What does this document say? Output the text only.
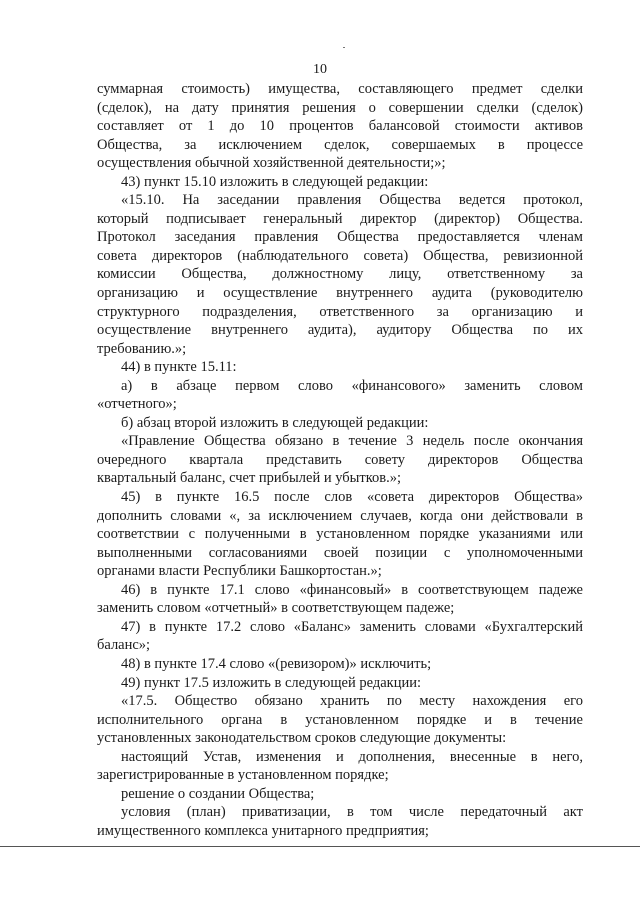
10
суммарная стоимость) имущества, составляющего предмет сделки
(сделок), на дату принятия решения о совершении сделки (сделок)
составляет от 1 до 10 процентов балансовой стоимости активов
Общества, за исключением сделок, совершаемых в процессе
осуществления обычной хозяйственной деятельности;»;
43) пункт 15.10 изложить в следующей редакции:
«15.10. На заседании правления Общества ведется протокол,
который подписывает генеральный директор (директор) Общества.
Протокол заседания правления Общества предоставляется членам
совета директоров (наблюдательного совета) Общества, ревизионной
комиссии Общества, должностному лицу, ответственному за
организацию и осуществление внутреннего аудита (руководителю
структурного подразделения, ответственного за организацию и
осуществление внутреннего аудита), аудитору Общества по их
требованию.»;
44) в пункте 15.11:
а) в абзаце первом слово «финансового» заменить словом
«отчетного»;
б) абзац второй изложить в следующей редакции:
«Правление Общества обязано в течение 3 недель после окончания
очередного квартала представить совету директоров Общества
квартальный баланс, счет прибылей и убытков.»;
45) в пункте 16.5 после слов «совета директоров Общества»
дополнить словами «, за исключением случаев, когда они действовали в
соответствии с полученными в установленном порядке указаниями или
выполненными согласованиями своей позиции с уполномоченными
органами власти Республики Башкортостан.»;
46) в пункте 17.1 слово «финансовый» в соответствующем падеже
заменить словом «отчетный» в соответствующем падеже;
47) в пункте 17.2 слово «Баланс» заменить словами «Бухгалтерский
баланс»;
48) в пункте 17.4 слово «(ревизором)» исключить;
49) пункт 17.5 изложить в следующей редакции:
«17.5. Общество обязано хранить по месту нахождения его
исполнительного органа в установленном порядке и в течение
установленных законодательством сроков следующие документы:
настоящий Устав, изменения и дополнения, внесенные в него,
зарегистрированные в установленном порядке;
решение о создании Общества;
условия (план) приватизации, в том числе передаточный акт
имущественного комплекса унитарного предприятия;
